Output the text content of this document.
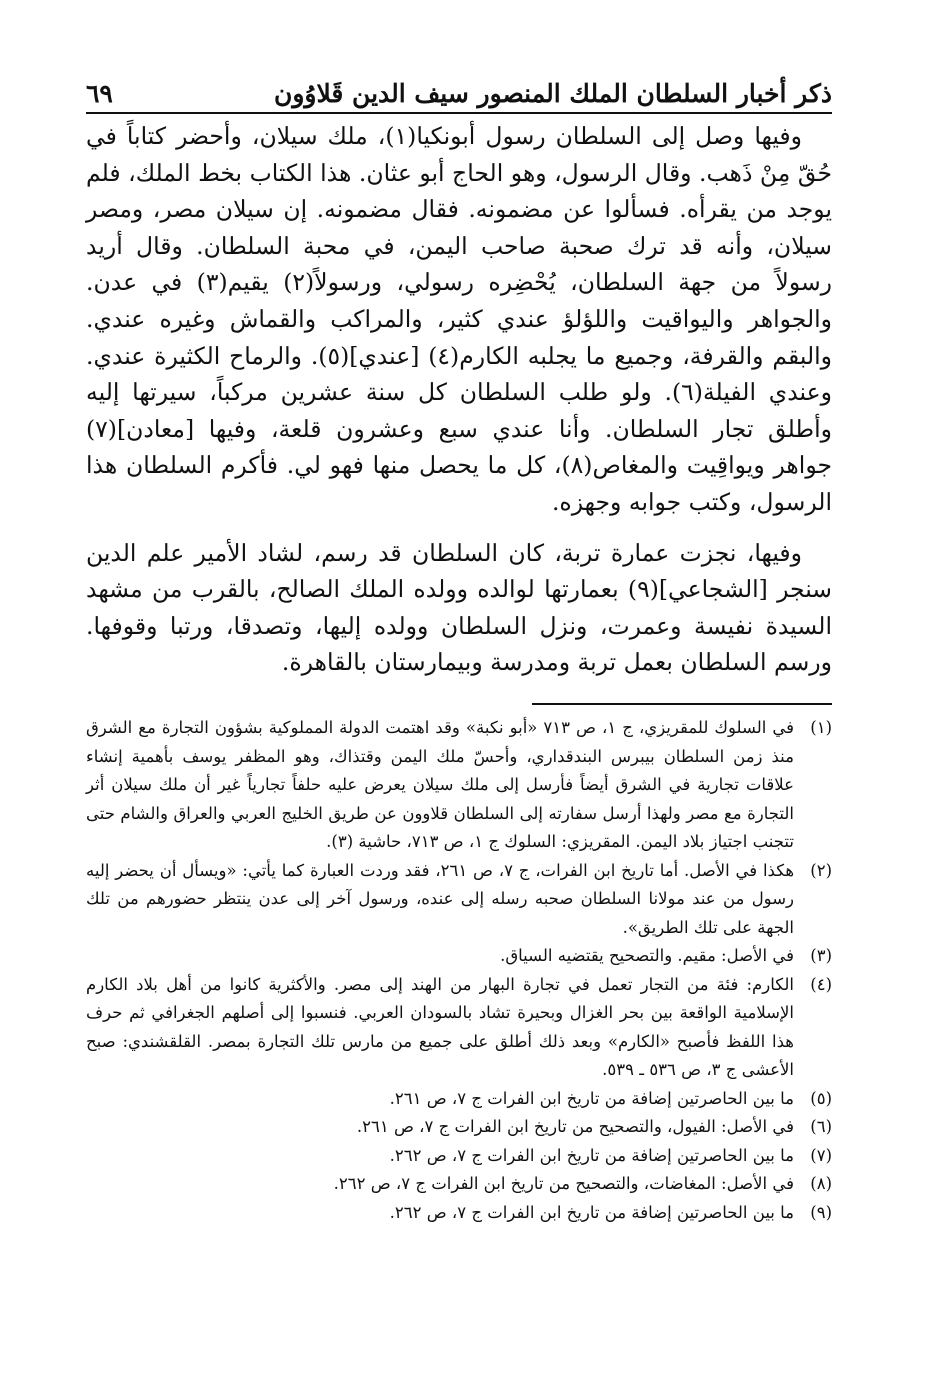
ذكر أخبار السلطان الملك المنصور سيف الدين قَلاوُون
٦٩

وفيها وصل إلى السلطان رسول أبونكيا(١)، ملك سيلان، وأحضر كتاباً في حُقّ مِنْ ذَهب. وقال الرسول، وهو الحاج أبو عثان. هذا الكتاب بخط الملك، فلم يوجد من يقرأه. فسألوا عن مضمونه. فقال مضمونه. إن سيلان مصر، ومصر سيلان، وأنه قد ترك صحبة صاحب اليمن، في محبة السلطان. وقال أريد رسولاً من جهة السلطان، يُحْضِره رسولي، ورسولاً(٢) يقيم(٣) في عدن. والجواهر واليواقيت واللؤلؤ عندي كثير، والمراكب والقماش وغيره عندي. والبقم والقرفة، وجميع ما يجلبه الكارم(٤) [عندي](٥). والرماح الكثيرة عندي. وعندي الفيلة(٦). ولو طلب السلطان كل سنة عشرين مركباً، سيرتها إليه وأطلق تجار السلطان. وأنا عندي سبع وعشرون قلعة، وفيها [معادن](٧) جواهر ويواقِيت والمغاص(٨)، كل ما يحصل منها فهو لي. فأكرم السلطان هذا الرسول، وكتب جوابه وجهزه.

وفيها، نجزت عمارة تربة، كان السلطان قد رسم، لشاد الأمير علم الدين سنجر [الشجاعي](٩) بعمارتها لوالده وولده الملك الصالح، بالقرب من مشهد السيدة نفيسة وعمرت، ونزل السلطان وولده إليها، وتصدقا، ورتبا وقوفها. ورسم السلطان بعمل تربة ومدرسة وبيمارستان بالقاهرة.

(١)
في السلوك للمقريزي، ج ١، ص ٧١٣ «أبو نكبة» وقد اهتمت الدولة المملوكية بشؤون التجارة مع الشرق منذ زمن السلطان بيبرس البندقداري، وأحسّ ملك اليمن وقتذاك، وهو المظفر يوسف بأهمية إنشاء علاقات تجارية في الشرق أيضاً فأرسل إلى ملك سيلان يعرض عليه حلفاً تجارياً غير أن ملك سيلان أثر التجارة مع مصر ولهذا أرسل سفارته إلى السلطان قلاوون عن طريق الخليج العربي والعراق والشام حتى تتجنب اجتياز بلاد اليمن. المقريزي: السلوك ج ١، ص ٧١٣، حاشية (٣).
(٢)
هكذا في الأصل. أما تاريخ ابن الفرات، ج ٧، ص ٢٦١، فقد وردت العبارة كما يأتي: «ويسأل أن يحضر إليه رسول من عند مولانا السلطان صحبه رسله إلى عنده، ورسول آخر إلى عدن ينتظر حضورهم من تلك الجهة على تلك الطريق».
(٣)
في الأصل: مقيم. والتصحيح يقتضيه السياق.
(٤)
الكارم: فئة من التجار تعمل في تجارة البهار من الهند إلى مصر. والأكثرية كانوا من أهل بلاد الكارم الإسلامية الواقعة بين بحر الغزال وبحيرة تشاد بالسودان العربي. فنسبوا إلى أصلهم الجغرافي ثم حرف هذا اللفظ فأصبح «الكارم» وبعد ذلك أطلق على جميع من مارس تلك التجارة بمصر. القلقشندي: صبح الأعشى ج ٣، ص ٥٣٦ ـ ٥٣٩.
(٥)
ما بين الحاصرتين إضافة من تاريخ ابن الفرات ج ٧، ص ٢٦١.
(٦)
في الأصل: الفيول، والتصحيح من تاريخ ابن الفرات ج ٧، ص ٢٦١.
(٧)
ما بين الحاصرتين إضافة من تاريخ ابن الفرات ج ٧، ص ٢٦٢.
(٨)
في الأصل: المغاضات، والتصحيح من تاريخ ابن الفرات ج ٧، ص ٢٦٢.
(٩)
ما بين الحاصرتين إضافة من تاريخ ابن الفرات ج ٧، ص ٢٦٢.
